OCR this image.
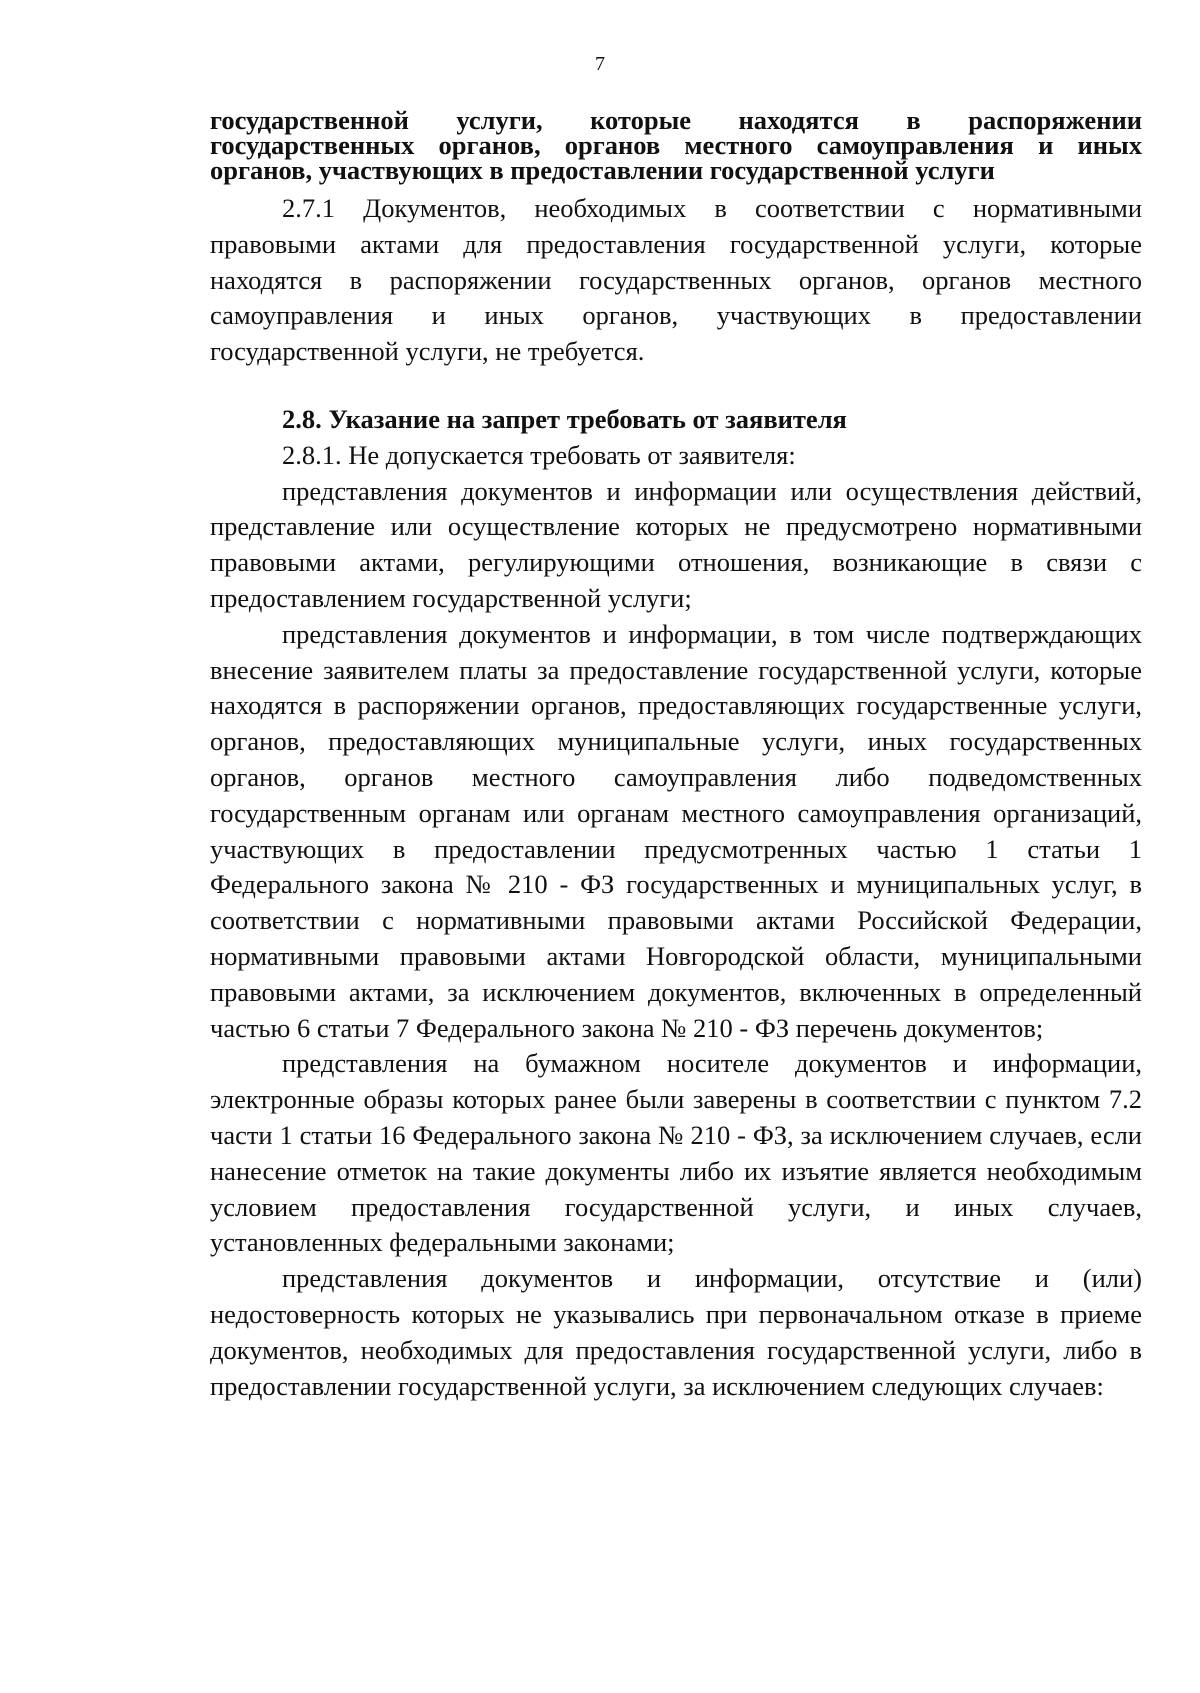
7

государственной услуги, которые находятся в распоряжении государственных органов, органов местного самоуправления и иных органов, участвующих в предоставлении государственной услуги

2.7.1 Документов, необходимых в соответствии с нормативными правовыми актами для предоставления государственной услуги, которые находятся в распоряжении государственных органов, органов местного самоуправления и иных органов, участвующих в предоставлении государственной услуги, не требуется.

2.8. Указание на запрет требовать от заявителя

2.8.1. Не допускается требовать от заявителя:

представления документов и информации или осуществления действий, представление или осуществление которых не предусмотрено нормативными правовыми актами, регулирующими отношения, возникающие в связи с предоставлением государственной услуги;

представления документов и информации, в том числе подтверждающих внесение заявителем платы за предоставление государственной услуги, которые находятся в распоряжении органов, предоставляющих государственные услуги, органов, предоставляющих муниципальные услуги, иных государственных органов, органов местного самоуправления либо подведомственных государственным органам или органам местного самоуправления организаций, участвующих в предоставлении предусмотренных частью 1 статьи 1 Федерального закона № 210 - ФЗ государственных и муниципальных услуг, в соответствии с нормативными правовыми актами Российской Федерации, нормативными правовыми актами Новгородской области, муниципальными правовыми актами, за исключением документов, включенных в определенный частью 6 статьи 7 Федерального закона № 210 - ФЗ перечень документов;

представления на бумажном носителе документов и информации, электронные образы которых ранее были заверены в соответствии с пунктом 7.2 части 1 статьи 16 Федерального закона № 210 - ФЗ, за исключением случаев, если нанесение отметок на такие документы либо их изъятие является необходимым условием предоставления государственной услуги, и иных случаев, установленных федеральными законами;

представления документов и информации, отсутствие и (или) недостоверность которых не указывались при первоначальном отказе в приеме документов, необходимых для предоставления государственной услуги, либо в предоставлении государственной услуги, за исключением следующих случаев:
